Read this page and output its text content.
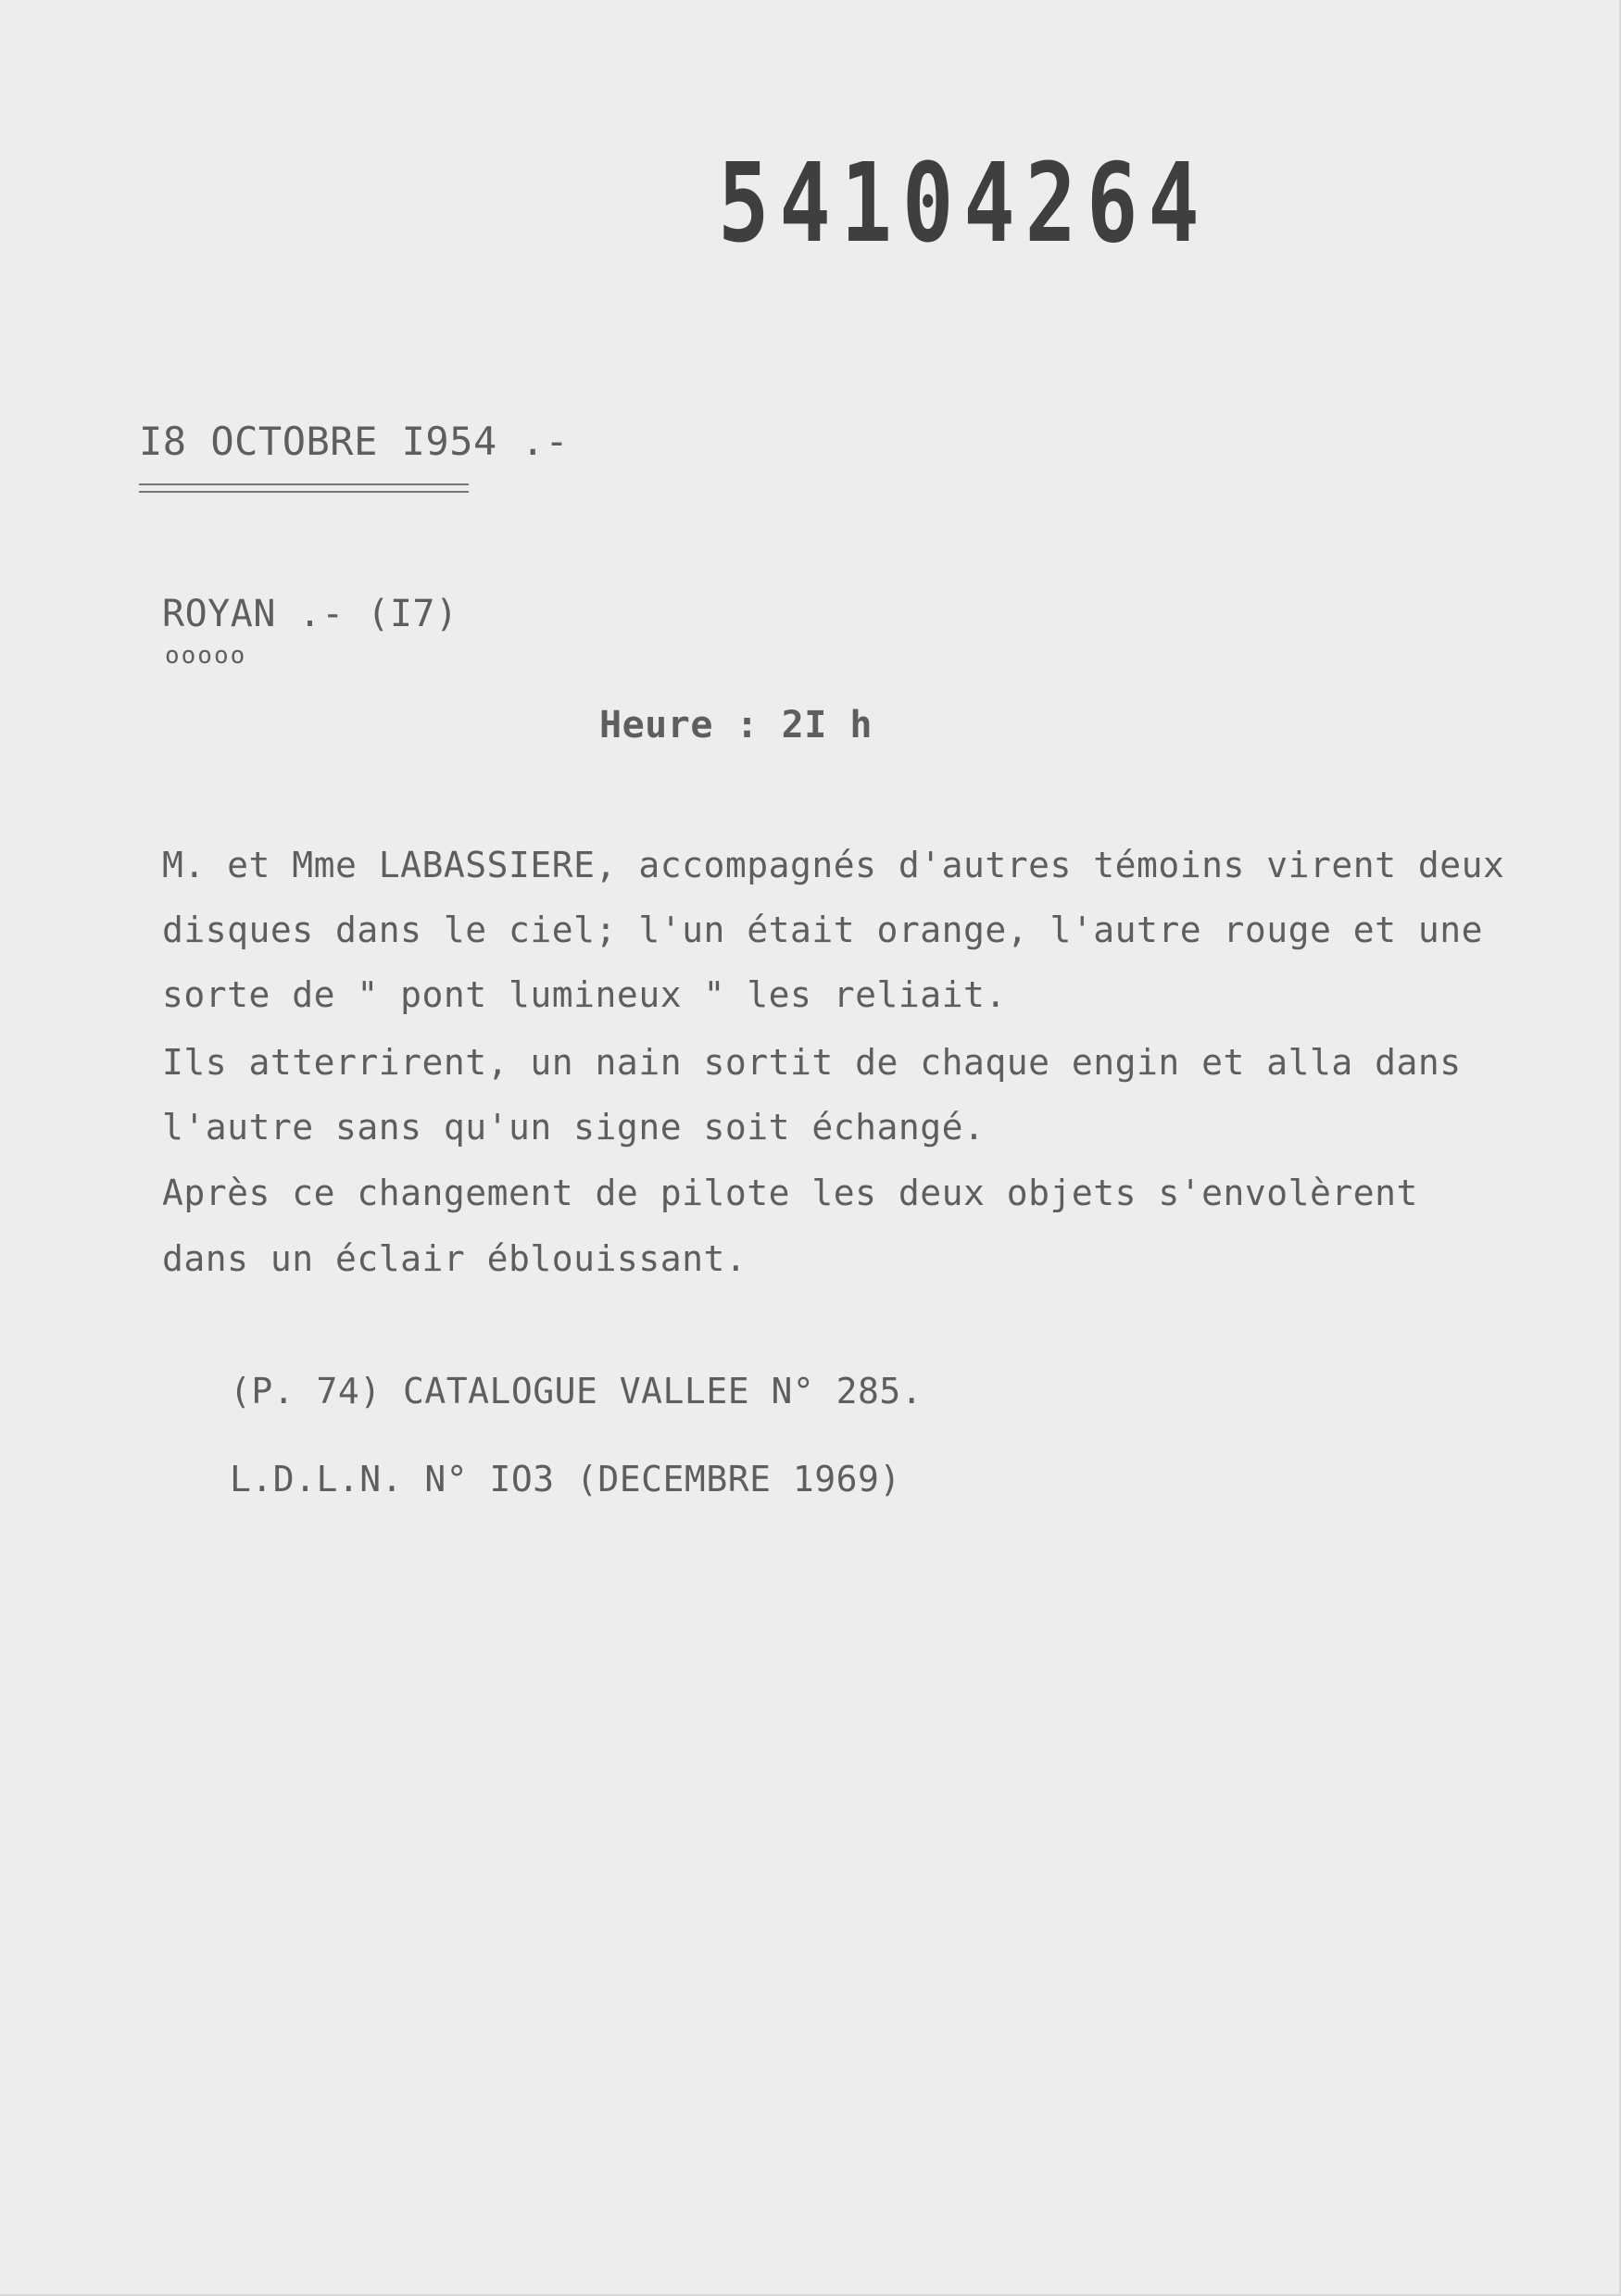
54104264
I8 OCTOBRE I954 .-
ROYAN .- (I7)
ooooo
Heure : 2I h
M. et Mme LABASSIERE, accompagnés d'autres témoins virent deux
disques dans le ciel; l'un était orange, l'autre rouge et une
sorte de " pont lumineux " les reliait.
Ils atterrirent, un nain sortit de chaque engin et alla dans
l'autre sans qu'un signe soit échangé.
Après ce changement de pilote les deux objets s'envolèrent
dans un éclair éblouissant.
(P. 74) CATALOGUE VALLEE N° 285.
L.D.L.N. N° IO3 (DECEMBRE 1969)
